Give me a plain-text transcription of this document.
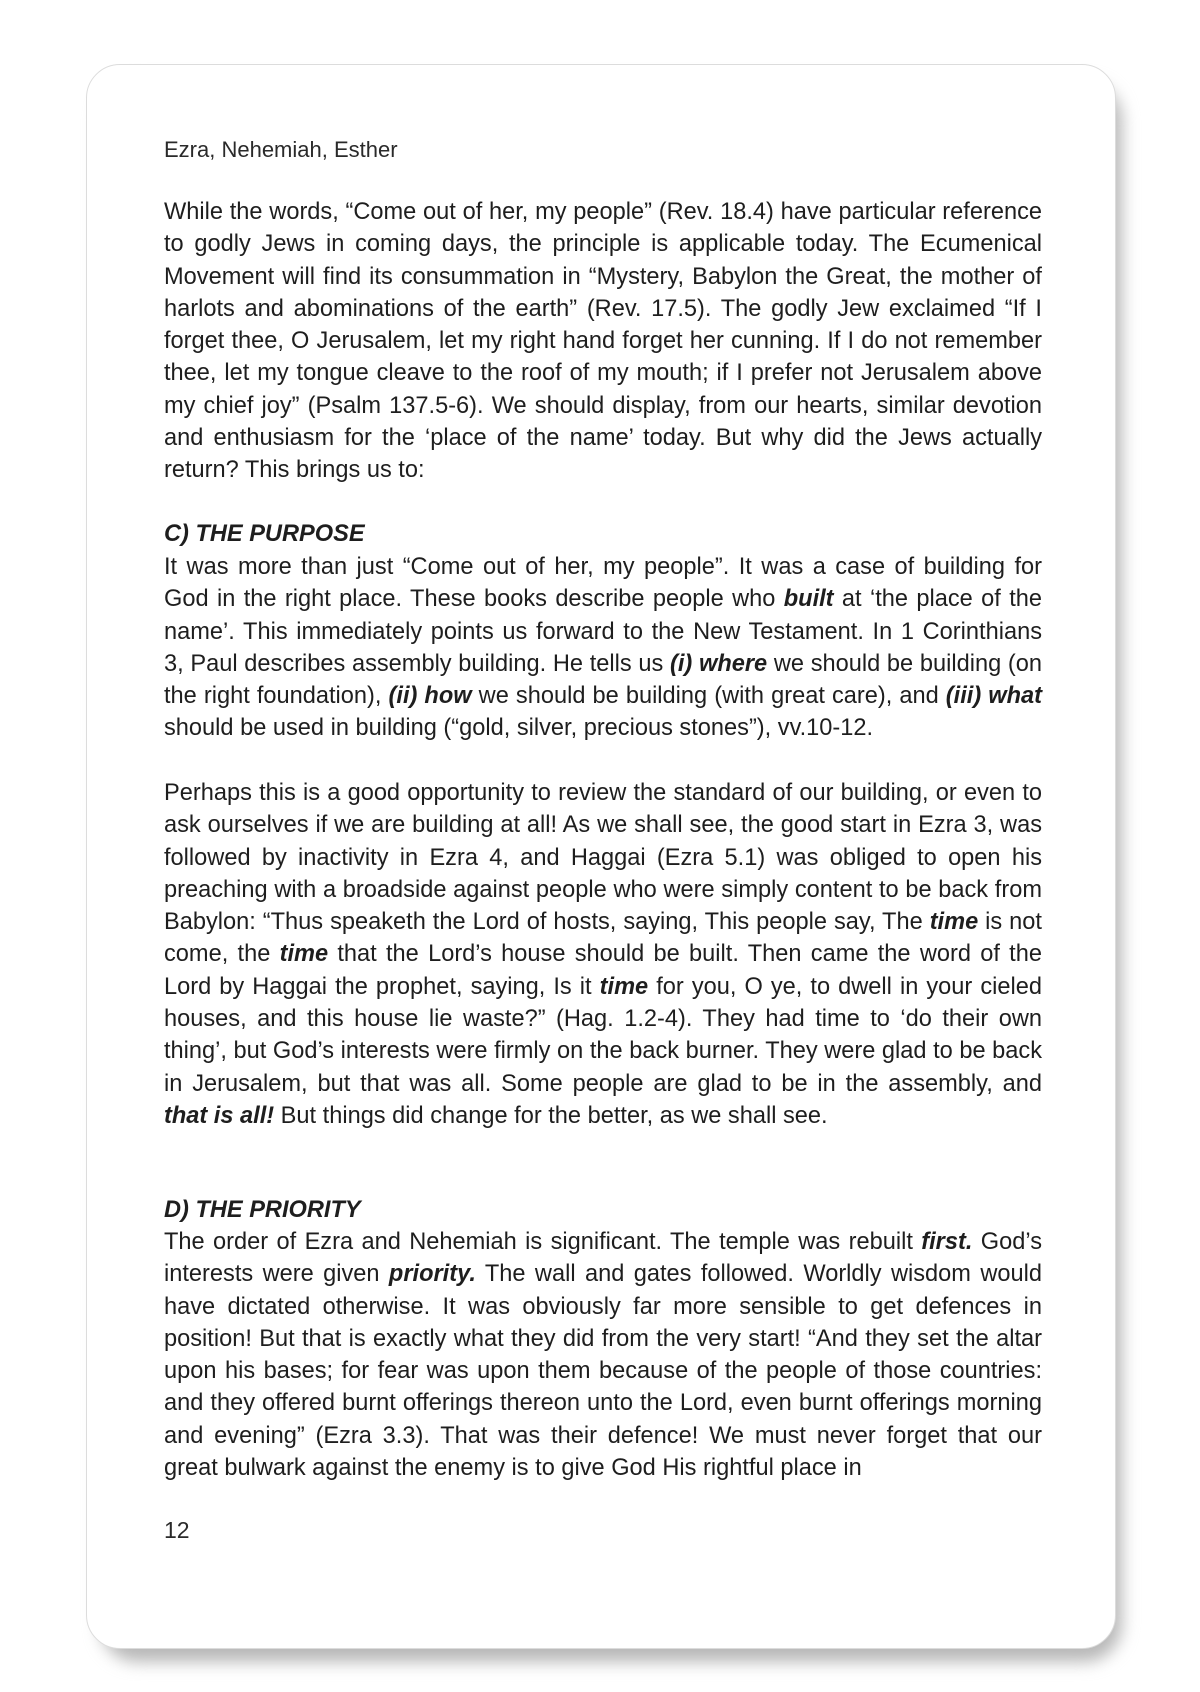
Ezra, Nehemiah, Esther

While the words, “Come out of her, my people” (Rev. 18.4) have particular reference to godly Jews in coming days, the principle is applicable today. The Ecumenical Movement will find its consummation in “Mystery, Babylon the Great, the mother of harlots and abominations of the earth” (Rev. 17.5). The godly Jew exclaimed “If I forget thee, O Jerusalem, let my right hand forget her cunning. If I do not remember thee, let my tongue cleave to the roof of my mouth; if I prefer not Jerusalem above my chief joy” (Psalm 137.5-6). We should display, from our hearts, similar devotion and enthusiasm for the ‘place of the name’ today. But why did the Jews actually return? This brings us to:

C) THE PURPOSE

It was more than just “Come out of her, my people”. It was a case of building for God in the right place. These books describe people who built at ‘the place of the name’. This immediately points us forward to the New Testament. In 1 Corinthians 3, Paul describes assembly building. He tells us (i) where we should be building (on the right foundation), (ii) how we should be building (with great care), and (iii) what should be used in building (“gold, silver, precious stones”), vv.10-12.

Perhaps this is a good opportunity to review the standard of our building, or even to ask ourselves if we are building at all! As we shall see, the good start in Ezra 3, was followed by inactivity in Ezra 4, and Haggai (Ezra 5.1) was obliged to open his preaching with a broadside against people who were simply content to be back from Babylon: “Thus speaketh the Lord of hosts, saying, This people say, The time is not come, the time that the Lord’s house should be built. Then came the word of the Lord by Haggai the prophet, saying, Is it time for you, O ye, to dwell in your cieled houses, and this house lie waste?” (Hag. 1.2-4). They had time to ‘do their own thing’, but God’s interests were firmly on the back burner. They were glad to be back in Jerusalem, but that was all. Some people are glad to be in the assembly, and that is all! But things did change for the better, as we shall see.

D) THE PRIORITY

The order of Ezra and Nehemiah is significant. The temple was rebuilt first. God’s interests were given priority. The wall and gates followed. Worldly wisdom would have dictated otherwise. It was obviously far more sensible to get defences in position! But that is exactly what they did from the very start! “And they set the altar upon his bases; for fear was upon them because of the people of those countries: and they offered burnt offerings thereon unto the Lord, even burnt offerings morning and evening” (Ezra 3.3). That was their defence! We must never forget that our great bulwark against the enemy is to give God His rightful place in

12
